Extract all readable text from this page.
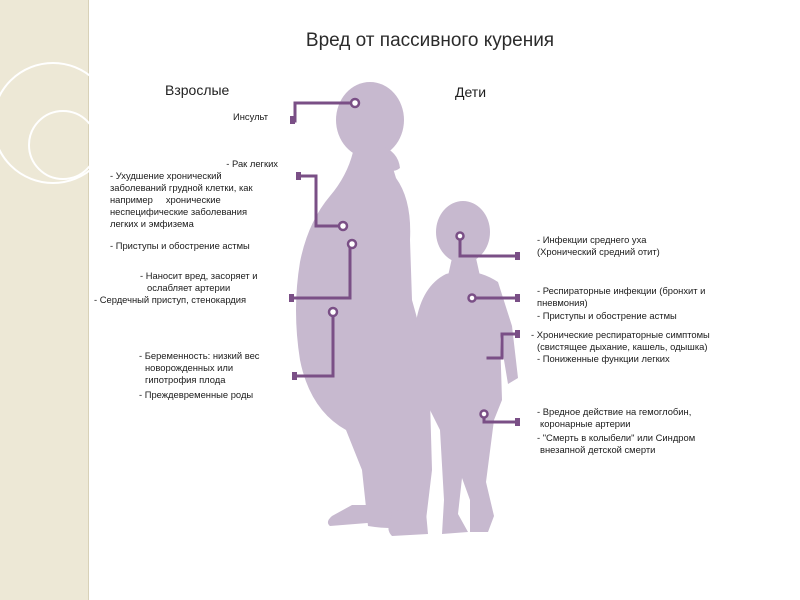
Вред от пассивного курения
Взрослые	Дети
Инсульт
- Рак легких
- Ухудшение хронический
заболеваний грудной клетки, как
например     хронические
неспецифические заболевания
легких и эмфизема
- Приступы и обострение астмы
- Наносит вред, засоряет и
ослабляет артерии
- Сердечный приступ, стенокардия
- Беременность: низкий вес
новорожденных или
гипотрофия плода
- Преждевременные роды
- Инфекции среднего уха
(Хронический средний отит)
- Респираторные инфекции (бронхит и
пневмония)
- Приступы и обострение астмы
- Хронические респираторные симптомы
(свистящее дыхание, кашель, одышка)
- Пониженные функции легких
- Вредное действие на гемоглобин,
коронарные артерии
- "Смерть в колыбели" или Синдром
внезапной детской смерти
